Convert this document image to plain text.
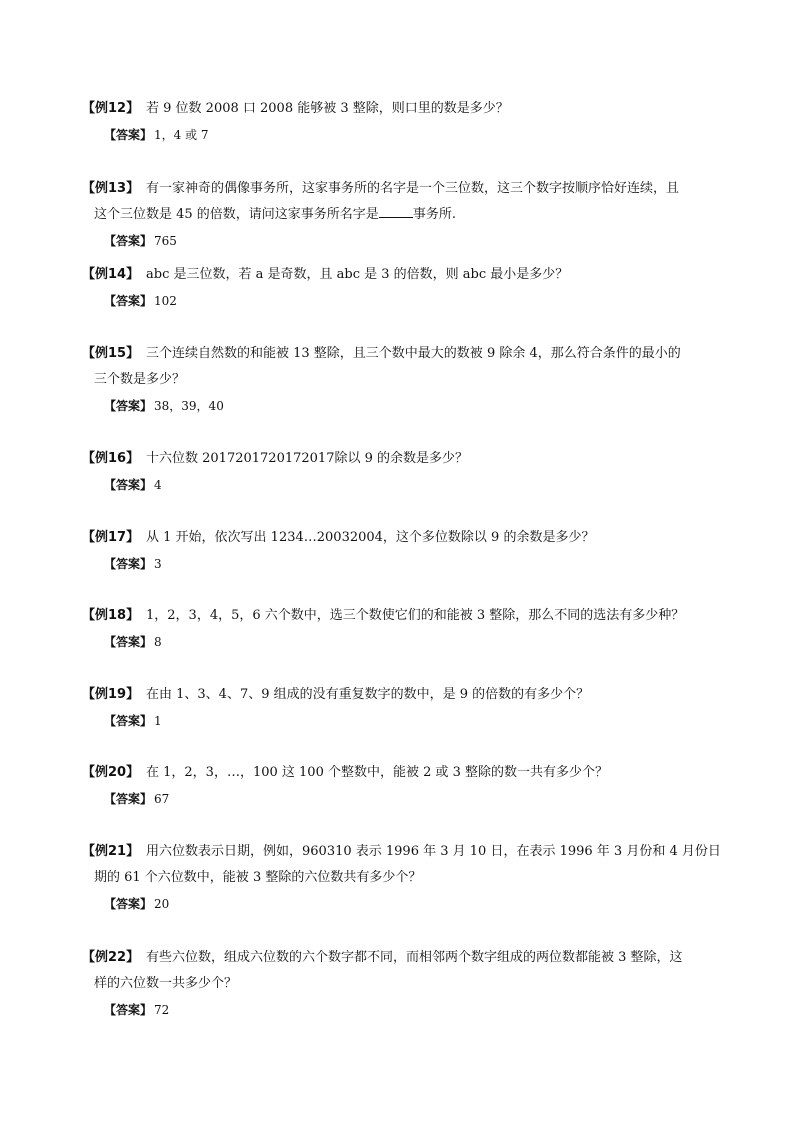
【例12】 若 9 位数 2008 口 2008 能够被 3 整除，则口里的数是多少？
【答案】 1，4 或 7
【例13】 有一家神奇的偶像事务所，这家事务所的名字是一个三位数，这三个数字按顺序恰好连续，且
这个三位数是 45 的倍数，请问这家事务所名字是	事务所.
【答案】 765
【例14】 abc 是三位数，若 a 是奇数，且 abc 是 3 的倍数，则 abc 最小是多少？
【答案】 102
【例15】 三个连续自然数的和能被 13 整除，且三个数中最大的数被 9 除余 4，那么符合条件的最小的
三个数是多少？
【答案】 38，39，40
【例16】 十六位数 2017201720172017除以 9 的余数是多少？
【答案】 4
【例17】 从 1 开始，依次写出 1234…20032004，这个多位数除以 9 的余数是多少？
【答案】 3
【例18】 1，2，3，4，5，6 六个数中，选三个数使它们的和能被 3 整除，那么不同的选法有多少种？
【答案】 8
【例19】 在由 1、3、4、7、9 组成的没有重复数字的数中，是 9 的倍数的有多少个？
【答案】 1
【例20】 在 1，2，3，…，100 这 100 个整数中，能被 2 或 3 整除的数一共有多少个？
【答案】 67
【例21】 用六位数表示日期，例如，960310 表示 1996 年 3 月 10 日，在表示 1996 年 3 月份和 4 月份日
期的 61 个六位数中，能被 3 整除的六位数共有多少个？
【答案】 20
【例22】 有些六位数，组成六位数的六个数字都不同，而相邻两个数字组成的两位数都能被 3 整除，这
样的六位数一共多少个？
【答案】 72
